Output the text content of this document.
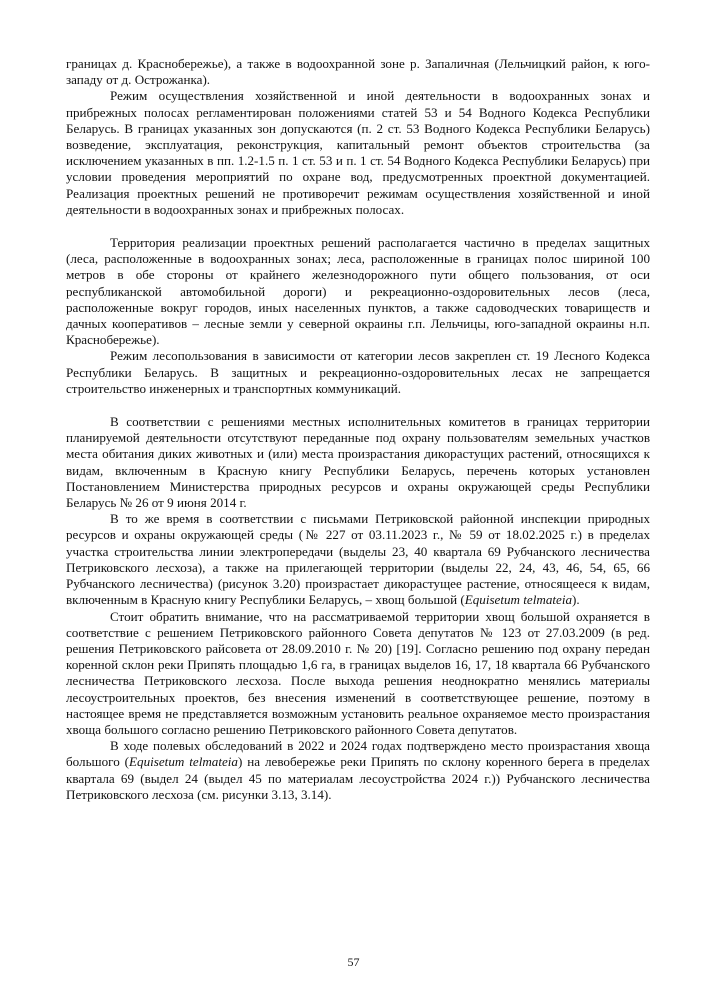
границах д. Краснобережье), а также в водоохранной зоне р. Запаличная (Лельчицкий район, к юго-западу от д. Острожанка).

Режим осуществления хозяйственной и иной деятельности в водоохранных зонах и прибрежных полосах регламентирован положениями статей 53 и 54 Водного Кодекса Республики Беларусь. В границах указанных зон допускаются (п. 2 ст. 53 Водного Кодекса Республики Беларусь) возведение, эксплуатация, реконструкция, капитальный ремонт объектов строительства (за исключением указанных в пп. 1.2-1.5 п. 1 ст. 53 и п. 1 ст. 54 Водного Кодекса Республики Беларусь) при условии проведения мероприятий по охране вод, предусмотренных проектной документацией. Реализация проектных решений не противоречит режимам осуществления хозяйственной и иной деятельности в водоохранных зонах и прибрежных полосах.

Территория реализации проектных решений располагается частично в пределах защитных (леса, расположенные в водоохранных зонах; леса, расположенные в границах полос шириной 100 метров в обе стороны от крайнего железнодорожного пути общего пользования, от оси республиканской автомобильной дороги) и рекреационно-оздоровительных лесов (леса, расположенные вокруг городов, иных населенных пунктов, а также садоводческих товариществ и дачных кооперативов – лесные земли у северной окраины г.п. Лельчицы, юго-западной окраины н.п. Краснобережье).

Режим лесопользования в зависимости от категории лесов закреплен ст. 19 Лесного Кодекса Республики Беларусь. В защитных и рекреационно-оздоровительных лесах не запрещается строительство инженерных и транспортных коммуникаций.

В соответствии с решениями местных исполнительных комитетов в границах территории планируемой деятельности отсутствуют переданные под охрану пользователям земельных участков места обитания диких животных и (или) места произрастания дикорастущих растений, относящихся к видам, включенным в Красную книгу Республики Беларусь, перечень которых установлен Постановлением Министерства природных ресурсов и охраны окружающей среды Республики Беларусь № 26 от 9 июня 2014 г.

В то же время в соответствии с письмами Петриковской районной инспекции природных ресурсов и охраны окружающей среды (№ 227 от 03.11.2023 г., № 59 от 18.02.2025 г.) в пределах участка строительства линии электропередачи (выделы 23, 40 квартала 69 Рубчанского лесничества Петриковского лесхоза), а также на прилегающей территории (выделы 22, 24, 43, 46, 54, 65, 66 Рубчанского лесничества) (рисунок 3.20) произрастает дикорастущее растение, относящееся к видам, включенным в Красную книгу Республики Беларусь, – хвощ большой (Equisetum telmateia).

Стоит обратить внимание, что на рассматриваемой территории хвощ большой охраняется в соответствие с решением Петриковского районного Совета депутатов № 123 от 27.03.2009 (в ред. решения Петриковского райсовета от 28.09.2010 г. № 20) [19]. Согласно решению под охрану передан коренной склон реки Припять площадью 1,6 га, в границах выделов 16, 17, 18 квартала 66 Рубчанского лесничества Петриковского лесхоза. После выхода решения неоднократно менялись материалы лесоустроительных проектов, без внесения изменений в соответствующее решение, поэтому в настоящее время не представляется возможным установить реальное охраняемое место произрастания хвоща большого согласно решению Петриковского районного Совета депутатов.

В ходе полевых обследований в 2022 и 2024 годах подтверждено место произрастания хвоща большого (Equisetum telmateia) на левобережье реки Припять по склону коренного берега в пределах квартала 69 (выдел 24 (выдел 45 по материалам лесоустройства 2024 г.)) Рубчанского лесничества Петриковского лесхоза (см. рисунки 3.13, 3.14).

57
